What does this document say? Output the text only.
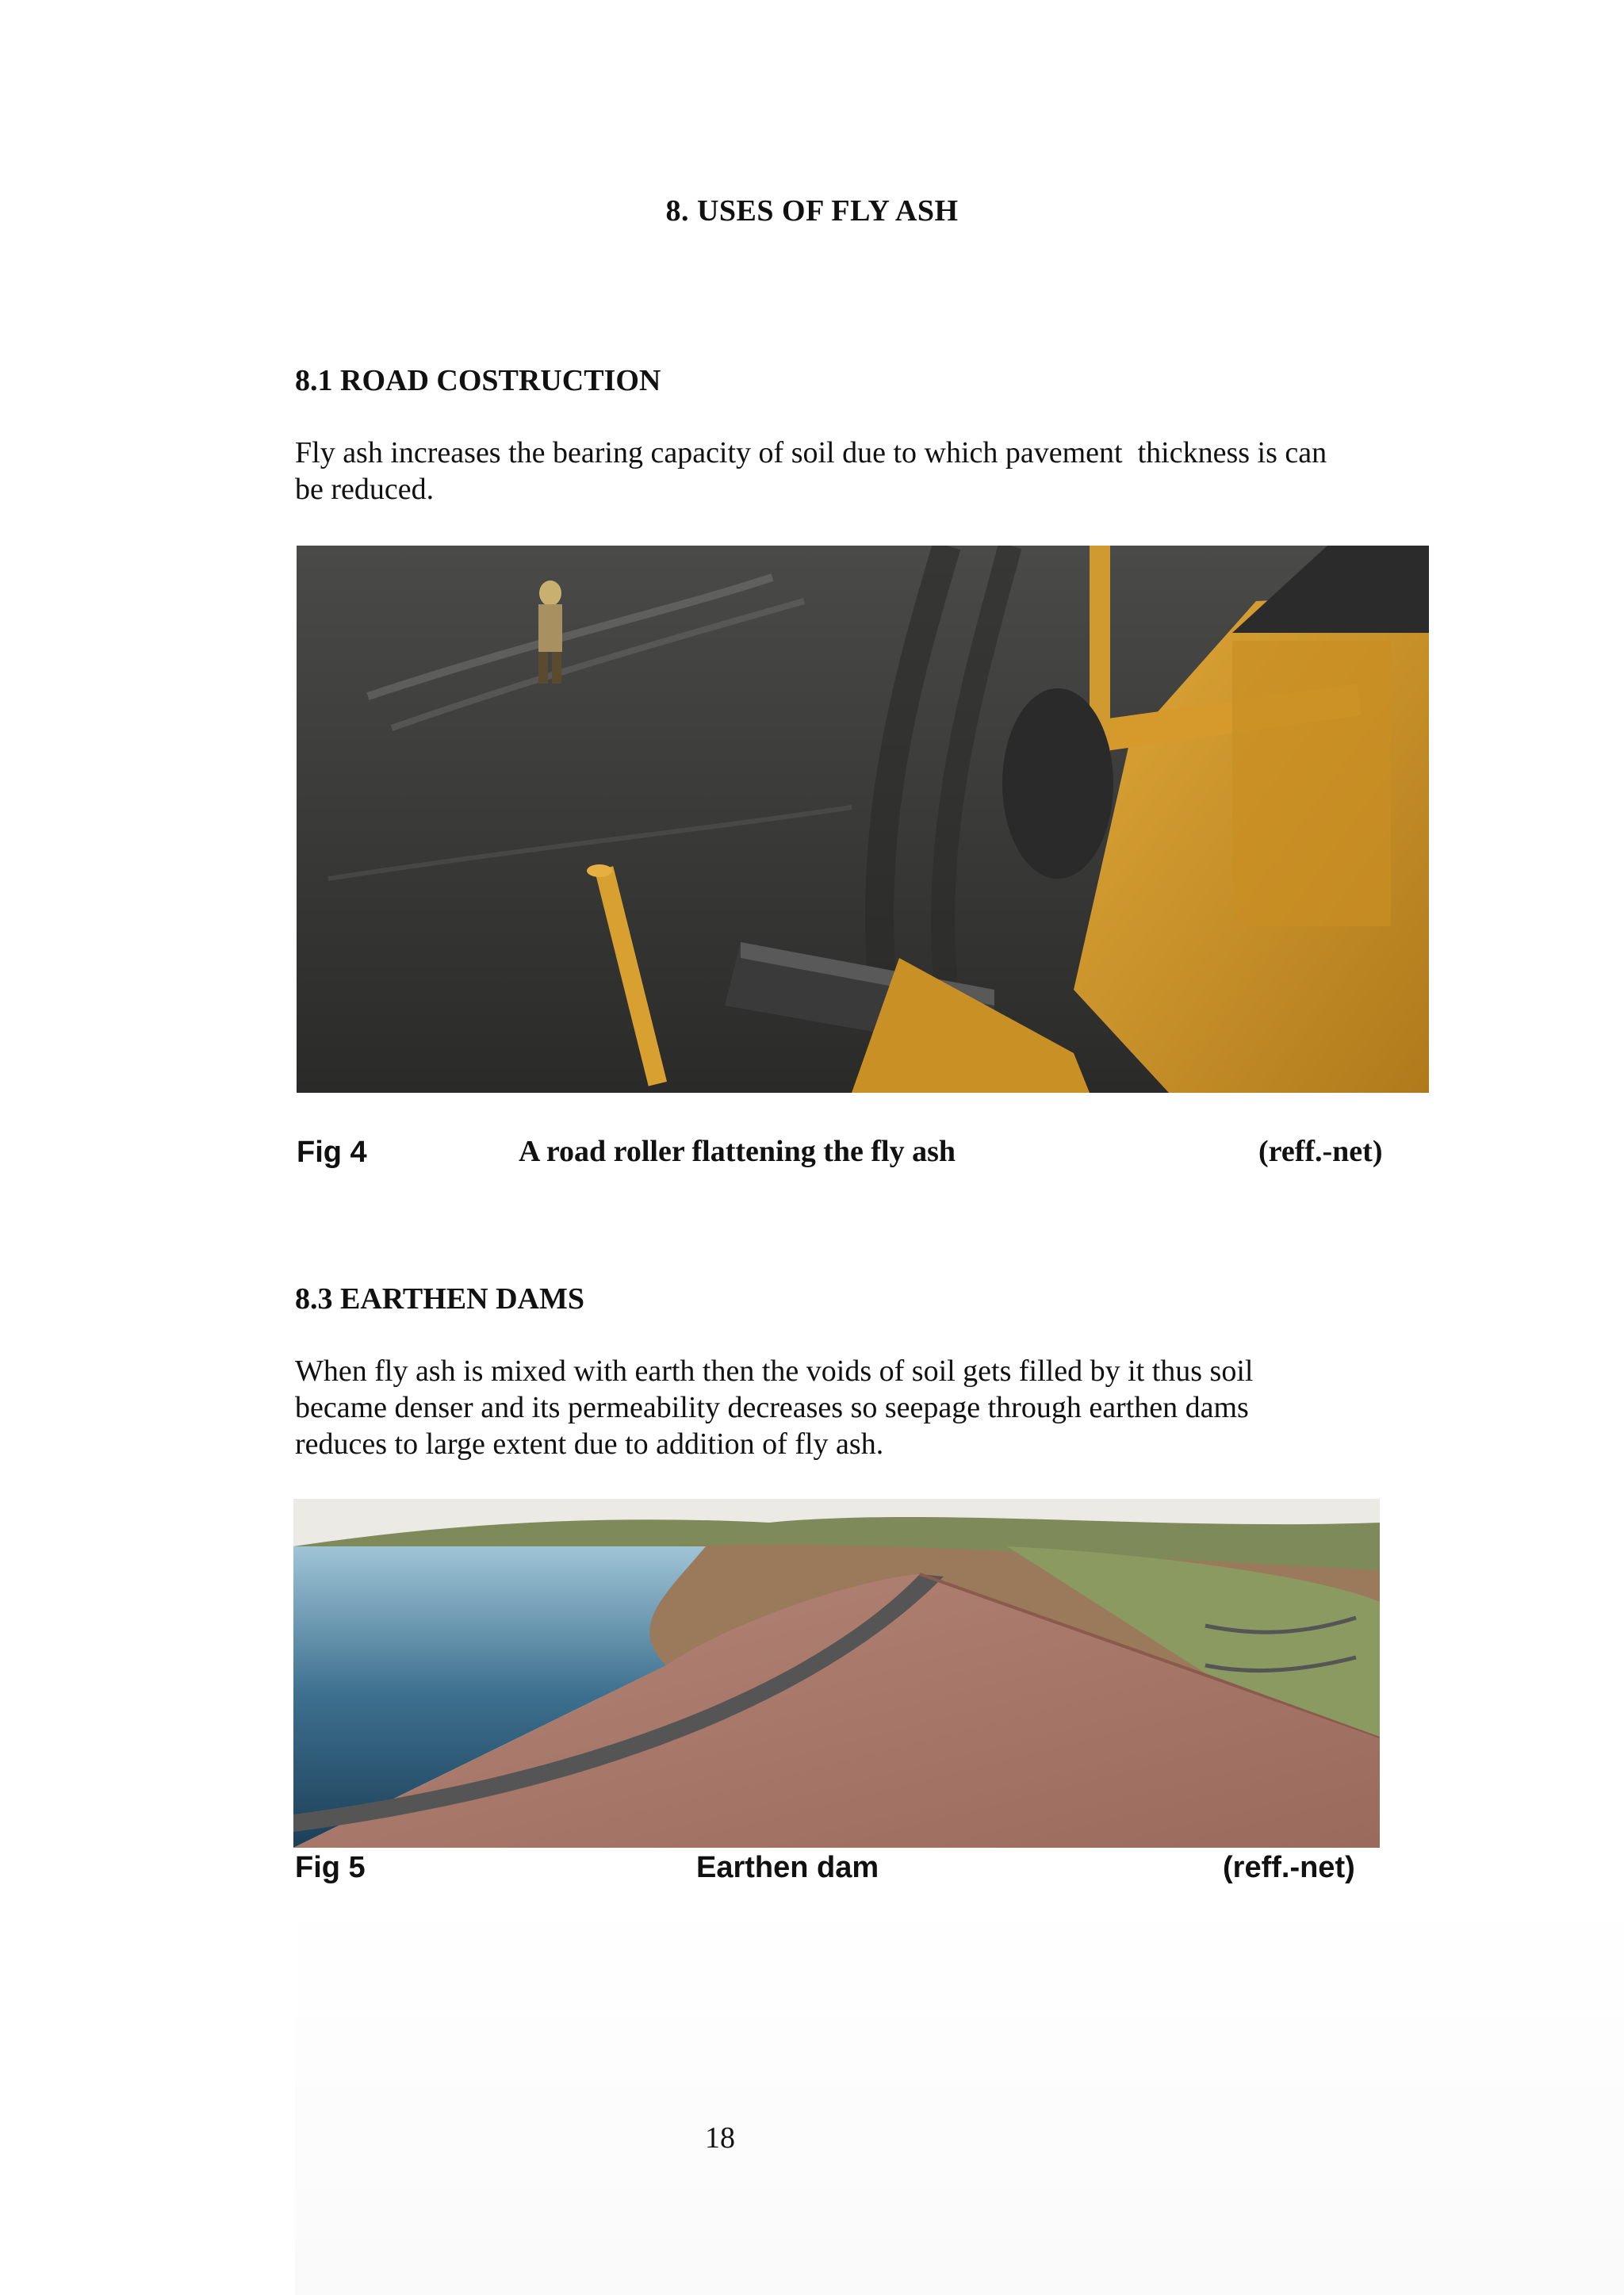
8. USES OF FLY ASH
8.1 ROAD COSTRUCTION
Fly ash increases the bearing capacity of soil due to which pavement  thickness is can
be reduced.
Fig 4	A road roller flattening the fly ash	(reff.-net)
8.3 EARTHEN DAMS
When fly ash is mixed with earth then the voids of soil gets filled by it thus soil
became denser and its permeability decreases so seepage through earthen dams
reduces to large extent due to addition of fly ash.
Fig 5	Earthen dam	(reff.-net)
18
